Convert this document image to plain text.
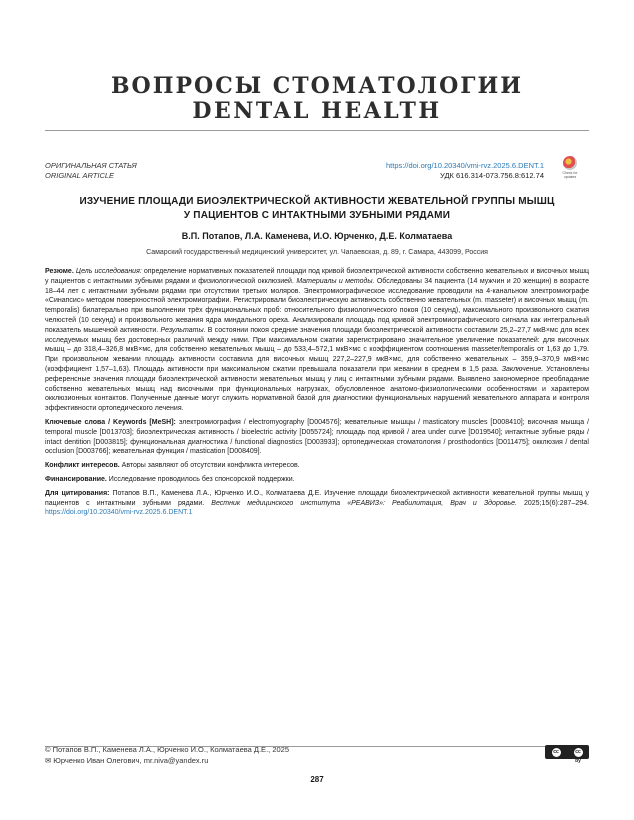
ВОПРОСЫ СТОМАТОЛОГИИ
DENTAL HEALTH
ОРИГИНАЛЬНАЯ СТАТЬЯ
ORIGINAL ARTICLE
https://doi.org/10.20340/vmi-rvz.2025.6.DENT.1
УДК 616.314-073.756.8:612.74	Check for updates
ИЗУЧЕНИЕ ПЛОЩАДИ БИОЭЛЕКТРИЧЕСКОЙ АКТИВНОСТИ ЖЕВАТЕЛЬНОЙ ГРУППЫ МЫШЦ
У ПАЦИЕНТОВ С ИНТАКТНЫМИ ЗУБНЫМИ РЯДАМИ
В.П. Потапов, Л.А. Каменева, И.О. Юрченко, Д.Е. Колматаева
Самарский государственный медицинский университет, ул. Чапаевская, д. 89, г. Самара, 443099, Россия

Резюме. Цель исследования: определение нормативных показателей площади под кривой биоэлектрической активности собственно жевательных и височных мышц у пациентов с интактными зубными рядами и физиологической окклюзией. Материалы и методы. Обследованы 34 пациента (14 мужчин и 20 женщин) в возрасте 18–44 лет с интактными зубными рядами при отсутствии третьих моляров. Электромиографическое исследование проводили на 4-канальном электромиографе «Синапсис» методом поверхностной электромиографии. Регистрировали биоэлектрическую активность собственно жевательных (m. masseter) и височных мышц (m. temporalis) билатерально при выполнении трёх функциональных проб: относительного физиологического покоя (10 секунд), максимального произвольного сжатия челюстей (10 секунд) и произвольного жевания ядра миндального ореха. Анализировали площадь под кривой электромиографического сигнала как интегральный показатель мышечной активности. Результаты. В состоянии покоя средние значения площади биоэлектрической активности составили 25,2–27,7 мкВ×мс для всех исследуемых мышц без достоверных различий между ними. При максимальном сжатии зарегистрировано значительное увеличение показателей: для височных мышц – до 318,4–326,8 мкВ×мс, для собственно жевательных мышц – до 533,4–572,1 мкВ×мс с коэффициентом соотношения masseter/temporalis от 1,63 до 1,79. При произвольном жевании площадь активности составила для височных мышц 227,2–227,9 мкВ×мс, для собственно жевательных – 359,9–370,9 мкВ×мс (коэффициент 1,57–1,63). Площадь активности при максимальном сжатии превышала показатели при жевании в среднем в 1,5 раза. Заключение. Установлены референсные значения площади биоэлектрической активности жевательных мышц у лиц с интактными зубными рядами. Выявлено закономерное преобладание собственно жевательных мышц над височными при функциональных нагрузках, обусловленное анатомо-физиологическими особенностями и характером окклюзионных контактов. Полученные данные могут служить нормативной базой для диагностики функциональных нарушений жевательного аппарата и контроля эффективности ортопедического лечения.

Ключевые слова / Keywords [MeSH]: электромиография / electromyography [D004576]; жевательные мышцы / masticatory muscles [D008410]; височная мышца / temporal muscle [D013703]; биоэлектрическая активность / bioelectric activity [D055724]; площадь под кривой / area under curve [D019540]; интактные зубные ряды / intact dentition [D003815]; функциональная диагностика / functional diagnostics [D003933]; ортопедическая стоматология / prosthodontics [D011475]; окклюзия / dental occlusion [D003766]; жевательная функция / mastication [D008409].

Конфликт интересов. Авторы заявляют об отсутствии конфликта интересов.

Финансирование. Исследование проводилось без спонсорской поддержки.

Для цитирования: Потапов В.П., Каменева Л.А., Юрченко И.О., Колматаева Д.Е. Изучение площади биоэлектрической активности жевательной группы мышц у пациентов с интактными зубными рядами. Вестник медицинского института «РЕАВИЗ»: Реабилитация, Врач и Здоровье. 2025;15(6):287–294. https://doi.org/10.20340/vmi-rvz.2025.6.DENT.1

© Потапов В.П., Каменева Л.А., Юрченко И.О., Колматаева Д.Е., 2025
✉ Юрченко Иван Олегович, mr.niva@yandex.ru
cc	cc by
287
